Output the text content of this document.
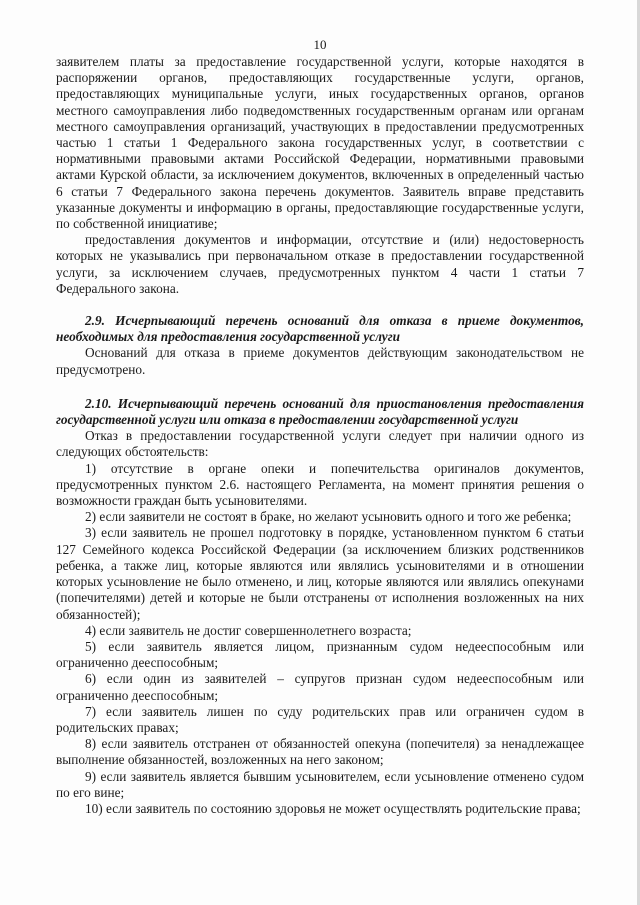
10

заявителем платы за предоставление государственной услуги, которые находятся в распоряжении органов, предоставляющих государственные услуги, органов, предоставляющих муниципальные услуги, иных государственных органов, органов местного самоуправления либо подведомственных государственным органам или органам местного самоуправления организаций, участвующих в предоставлении предусмотренных частью 1 статьи 1 Федерального закона государственных услуг, в соответствии с нормативными правовыми актами Российской Федерации, нормативными правовыми актами Курской области, за исключением документов, включенных в определенный частью 6 статьи 7 Федерального закона перечень документов. Заявитель вправе представить указанные документы и информацию в органы, предоставляющие государственные услуги, по собственной инициативе;

предоставления документов и информации, отсутствие и (или) недостоверность которых не указывались при первоначальном отказе в предоставлении государственной услуги, за исключением случаев, предусмотренных пунктом 4 части 1 статьи 7 Федерального закона.

2.9. Исчерпывающий перечень оснований для отказа в приеме документов, необходимых для предоставления государственной услуги

Оснований для отказа в приеме документов действующим законодательством не предусмотрено.

2.10. Исчерпывающий перечень оснований для приостановления предоставления государственной услуги или отказа в предоставлении государственной услуги

Отказ в предоставлении государственной услуги следует при наличии одного из следующих обстоятельств:

1) отсутствие в органе опеки и попечительства оригиналов документов, предусмотренных пунктом 2.6. настоящего Регламента, на момент принятия решения о возможности граждан быть усыновителями.

2) если заявители не состоят в браке, но желают усыновить одного и того же ребенка;

3) если заявитель не прошел подготовку в порядке, установленном пунктом 6 статьи 127 Семейного кодекса Российской Федерации (за исключением близких родственников ребенка, а также лиц, которые являются или являлись усыновителями и в отношении которых усыновление не было отменено, и лиц, которые являются или являлись опекунами (попечителями) детей и которые не были отстранены от исполнения возложенных на них обязанностей);

4) если заявитель не достиг совершеннолетнего возраста;

5) если заявитель является лицом, признанным судом недееспособным или ограниченно дееспособным;

6) если один из заявителей – супругов признан судом недееспособным или ограниченно дееспособным;

7) если заявитель лишен по суду родительских прав или ограничен судом в родительских правах;

8) если заявитель отстранен от обязанностей опекуна (попечителя) за ненадлежащее выполнение обязанностей, возложенных на него законом;

9) если заявитель является бывшим усыновителем, если усыновление отменено судом по его вине;

10) если заявитель по состоянию здоровья не может осуществлять родительские права;
